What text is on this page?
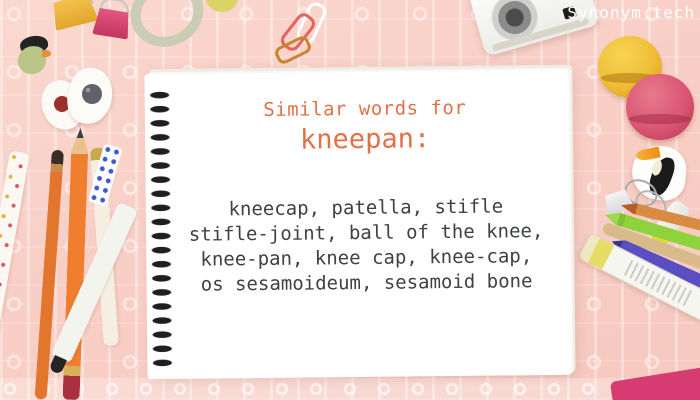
Similar words for
kneepan:
kneecap, patella, stifle
stifle-joint, ball of the knee,
knee-pan, knee cap, knee-cap,
os sesamoideum, sesamoid bone
Synonym.tech
